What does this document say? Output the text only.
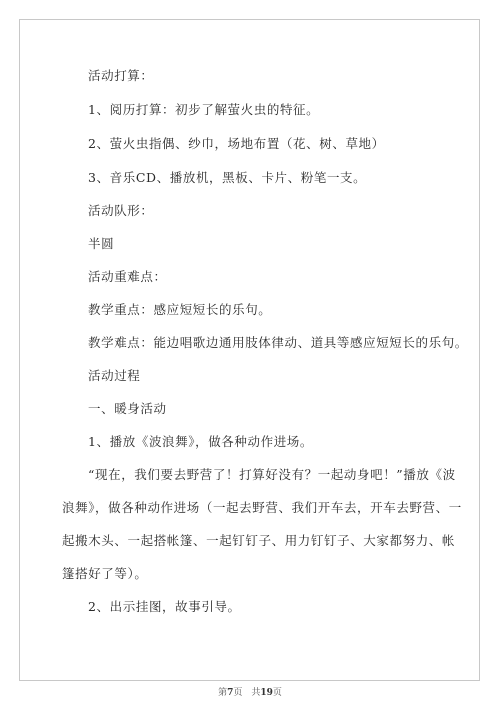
活动打算：
1、阅历打算：初步了解萤火虫的特征。
2、萤火虫指偶、纱巾，场地布置（花、树、草地）
3、音乐CD、播放机，黑板、卡片、粉笔一支。
活动队形：
半圆
活动重难点：
教学重点：感应短短长的乐句。
教学难点：能边唱歌边通用肢体律动、道具等感应短短长的乐句。
活动过程
一、暖身活动
1、播放《波浪舞》，做各种动作进场。
“现在，我们要去野营了！打算好没有？一起动身吧！”播放《波
浪舞》，做各种动作进场（一起去野营、我们开车去，开车去野营、一
起搬木头、一起搭帐篷、一起钉钉子、用力钉钉子、大家都努力、帐
篷搭好了等）。
2、出示挂图，故事引导。
第7页　共19页
